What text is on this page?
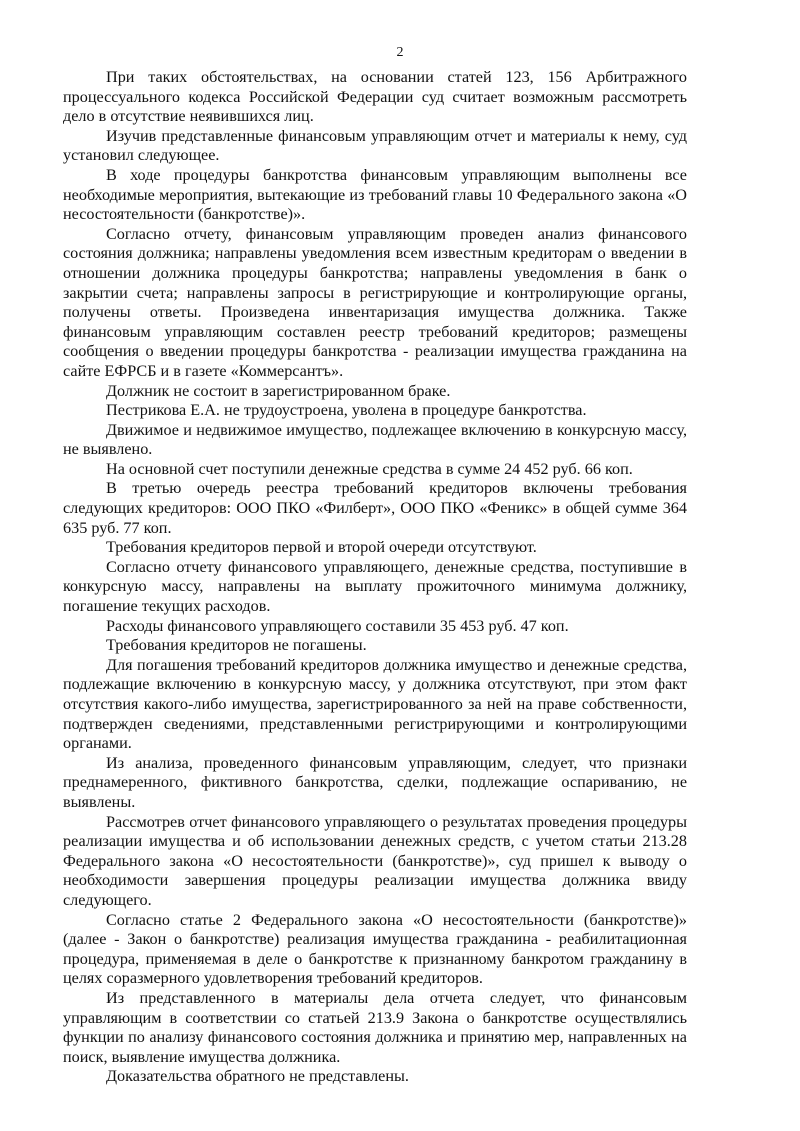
2

При таких обстоятельствах, на основании статей 123, 156 Арбитражного процессуального кодекса Российской Федерации суд считает возможным рассмотреть дело в отсутствие неявившихся лиц.

Изучив представленные финансовым управляющим отчет и материалы к нему, суд установил следующее.

В ходе процедуры банкротства финансовым управляющим выполнены все необходимые мероприятия, вытекающие из требований главы 10 Федерального закона «О несостоятельности (банкротстве)».

Согласно отчету, финансовым управляющим проведен анализ финансового состояния должника; направлены уведомления всем известным кредиторам о введении в отношении должника процедуры банкротства; направлены уведомления в банк о закрытии счета; направлены запросы в регистрирующие и контролирующие органы, получены ответы. Произведена инвентаризация имущества должника. Также финансовым управляющим составлен реестр требований кредиторов; размещены сообщения о введении процедуры банкротства - реализации имущества гражданина на сайте ЕФРСБ и в газете «Коммерсантъ».

Должник не состоит в зарегистрированном браке.

Пестрикова Е.А. не трудоустроена, уволена в процедуре банкротства.

Движимое и недвижимое имущество, подлежащее включению в конкурсную массу, не выявлено.

На основной счет поступили денежные средства в сумме 24 452 руб. 66 коп.

В третью очередь реестра требований кредиторов включены требования следующих кредиторов: ООО ПКО «Филберт», ООО ПКО «Феникс» в общей сумме 364 635 руб. 77 коп.

Требования кредиторов первой и второй очереди отсутствуют.

Согласно отчету финансового управляющего, денежные средства, поступившие в конкурсную массу, направлены на выплату прожиточного минимума должнику, погашение текущих расходов.

Расходы финансового управляющего составили 35 453 руб. 47 коп.

Требования кредиторов не погашены.

Для погашения требований кредиторов должника имущество и денежные средства, подлежащие включению в конкурсную массу, у должника отсутствуют, при этом факт отсутствия какого-либо имущества, зарегистрированного за ней на праве собственности, подтвержден сведениями, представленными регистрирующими и контролирующими органами.

Из анализа, проведенного финансовым управляющим, следует, что признаки преднамеренного, фиктивного банкротства, сделки, подлежащие оспариванию, не выявлены.

Рассмотрев отчет финансового управляющего о результатах проведения процедуры реализации имущества и об использовании денежных средств, с учетом статьи 213.28 Федерального закона «О несостоятельности (банкротстве)», суд пришел к выводу о необходимости завершения процедуры реализации имущества должника ввиду следующего.

Согласно статье 2 Федерального закона «О несостоятельности (банкротстве)» (далее - Закон о банкротстве) реализация имущества гражданина - реабилитационная процедура, применяемая в деле о банкротстве к признанному банкротом гражданину в целях соразмерного удовлетворения требований кредиторов.

Из представленного в материалы дела отчета следует, что финансовым управляющим в соответствии со статьей 213.9 Закона о банкротстве осуществлялись функции по анализу финансового состояния должника и принятию мер, направленных на поиск, выявление имущества должника.

Доказательства обратного не представлены.
